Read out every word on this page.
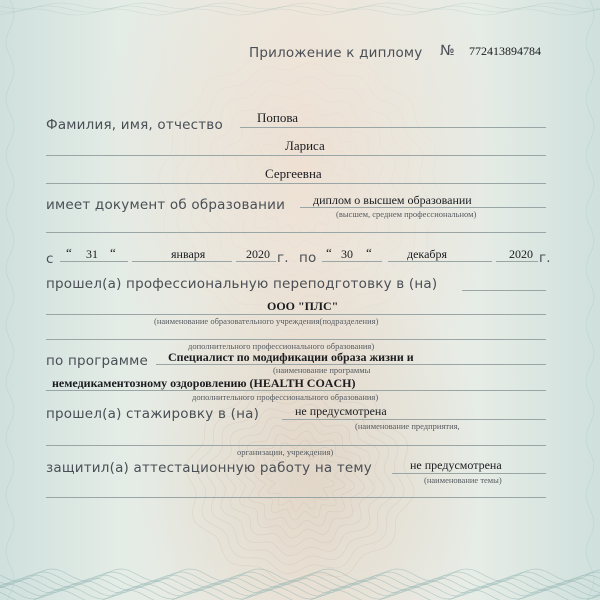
Приложение к диплому № 772413894784
Фамилия, имя, отчество	Попова
Лариса
Сергеевна
имеет документ об образовании диплом о высшем образовании
(высшем, среднем профессиональном)
с “ 31 “	января	2020 г. по “ 30 “	декабря	2020 г.
прошел(а) профессиональную переподготовку в (на)
ООО "ПЛС"
(наименование образовательного учреждения(подразделения)
дополнительного профессионального образования)
по программе Специалист по модификации образа жизни и
(наименование программы
немедикаментозному оздоровлению (HEALTH COACH)
дополнительного профессионального образования)
прошел(а) стажировку в (на)	не предусмотрена
(наименование предприятия,
организации, учреждения)
защитил(а) аттестационную работу на тему	не предусмотрена
(наименование темы)
